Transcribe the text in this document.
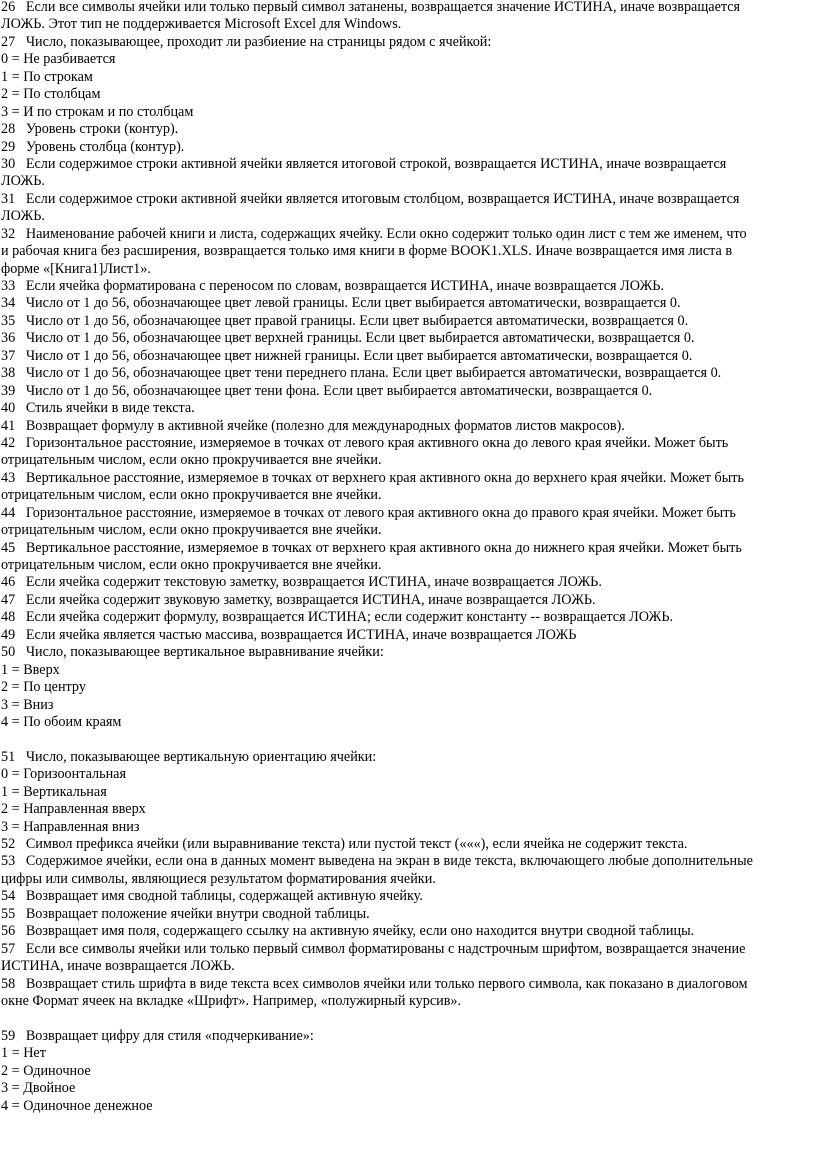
26   Если все символы ячейки или только первый символ затанены, возвращается значение ИСТИНА, иначе возвращается
ЛОЖЬ. Этот тип не поддерживается Microsoft Excel для Windows.
27   Число, показывающее, проходит ли разбиение на страницы рядом с ячейкой:
0 = Не разбивается
1 = По строкам
2 = По столбцам
3 = И по строкам и по столбцам
28   Уровень строки (контур).
29   Уровень столбца (контур).
30   Если содержимое строки активной ячейки является итоговой строкой, возвращается ИСТИНА, иначе возвращается
ЛОЖЬ.
31   Если содержимое строки активной ячейки является итоговым столбцом, возвращается ИСТИНА, иначе возвращается
ЛОЖЬ.
32   Наименование рабочей книги и листа, содержащих ячейку. Если окно содержит только один лист с тем же именем, что
и рабочая книга без расширения, возвращается только имя книги в форме BOOK1.XLS. Иначе возвращается имя листа в
форме «[Книга1]Лист1».
33   Если ячейка форматирована с переносом по словам, возвращается ИСТИНА, иначе возвращается ЛОЖЬ.
34   Число от 1 до 56, обозначающее цвет левой границы. Если цвет выбирается автоматически, возвращается 0.
35   Число от 1 до 56, обозначающее цвет правой границы. Если цвет выбирается автоматически, возвращается 0.
36   Число от 1 до 56, обозначающее цвет верхней границы. Если цвет выбирается автоматически, возвращается 0.
37   Число от 1 до 56, обозначающее цвет нижней границы. Если цвет выбирается автоматически, возвращается 0.
38   Число от 1 до 56, обозначающее цвет тени переднего плана. Если цвет выбирается автоматически, возвращается 0.
39   Число от 1 до 56, обозначающее цвет тени фона. Если цвет выбирается автоматически, возвращается 0.
40   Стиль ячейки в виде текста.
41   Возвращает формулу в активной ячейке (полезно для международных форматов листов макросов).
42   Горизонтальное расстояние, измеряемое в точках от левого края активного окна до левого края ячейки. Может быть
отрицательным числом, если окно прокручивается вне ячейки.
43   Вертикальное расстояние, измеряемое в точках от верхнего края активного окна до верхнего края ячейки. Может быть
отрицательным числом, если окно прокручивается вне ячейки.
44   Горизонтальное расстояние, измеряемое в точках от левого края активного окна до правого края ячейки. Может быть
отрицательным числом, если окно прокручивается вне ячейки.
45   Вертикальное расстояние, измеряемое в точках от верхнего края активного окна до нижнего края ячейки. Может быть
отрицательным числом, если окно прокручивается вне ячейки.
46   Если ячейка содержит текстовую заметку, возвращается ИСТИНА, иначе возвращается ЛОЖЬ.
47   Если ячейка содержит звуковую заметку, возвращается ИСТИНА, иначе возвращается ЛОЖЬ.
48   Если ячейка содержит формулу, возвращается ИСТИНА; если содержит константу -- возвращается ЛОЖЬ.
49   Если ячейка является частью массива, возвращается ИСТИНА, иначе возвращается ЛОЖЬ
50   Число, показывающее вертикальное выравнивание ячейки:
1 = Вверх
2 = По центру
3 = Вниз
4 = По обоим краям
51   Число, показывающее вертикальную ориентацию ячейки:
0 = Горизоонтальная
1 = Вертикальная
2 = Направленная вверх
3 = Направленная вниз
52   Символ префикса ячейки (или выравнивание текста) или пустой текст («««), если ячейка не содержит текста.
53   Содержимое ячейки, если она в данных момент выведена на экран в виде текста, включающего любые дополнительные
цифры или символы, являющиеся результатом форматирования ячейки.
54   Возвращает имя сводной таблицы, содержащей активную ячейку.
55   Возвращает положение ячейки внутри сводной таблицы.
56   Возвращает имя поля, содержащего ссылку на активную ячейку, если оно находится внутри сводной таблицы.
57   Если все символы ячейки или только первый символ форматированы с надстрочным шрифтом, возвращается значение
ИСТИНА, иначе возвращается ЛОЖЬ.
58   Возвращает стиль шрифта в виде текста всех символов ячейки или только первого символа, как показано в диалоговом
окне Формат ячеек на вкладке «Шрифт». Например, «полужирный курсив».
59   Возвращает цифру для стиля «подчеркивание»:
1 = Нет
2 = Одиночное
3 = Двойное
4 = Одиночное денежное
